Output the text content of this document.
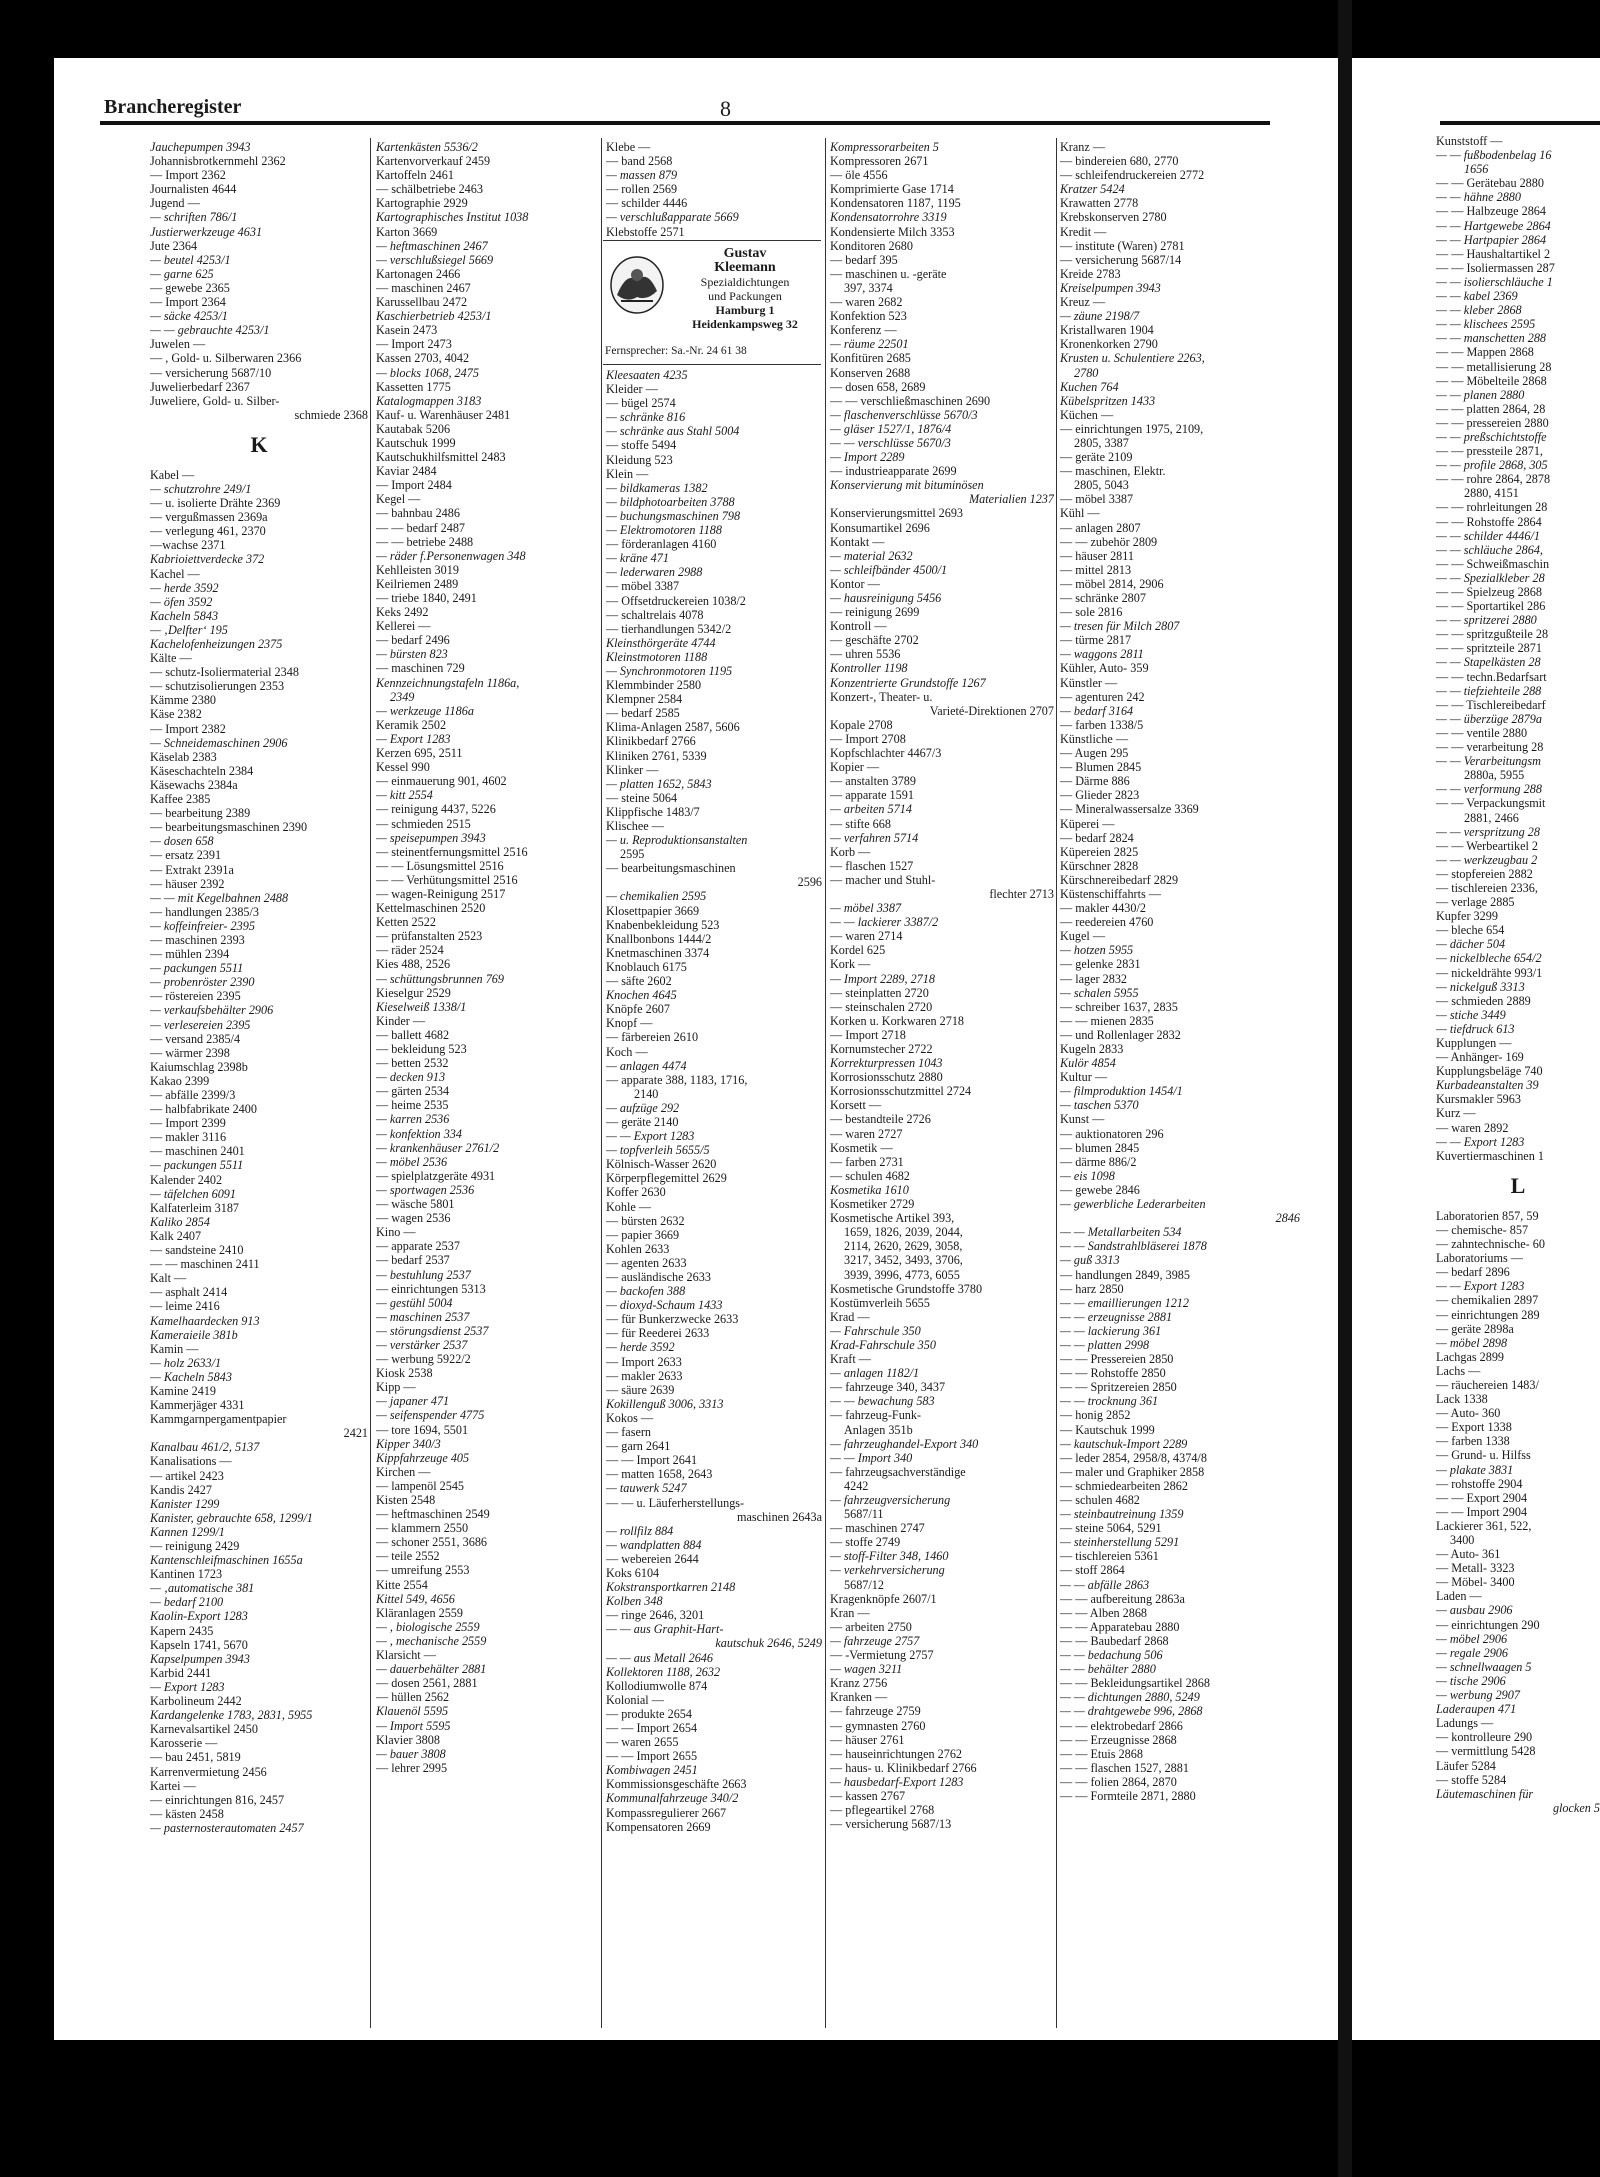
Brancheregister	8
Jauchepumpen 3943
Johannisbrotkernmehl 2362
— Import 2362
Journalisten 4644
Jugend —
— schriften 786/1
Justierwerkzeuge 4631
Jute 2364
— beutel 4253/1
— garne 625
— gewebe 2365
— Import 2364
— säcke 4253/1
— — gebrauchte 4253/1
Juwelen —
— , Gold- u. Silberwaren 2366
— versicherung 5687/10
Juwelierbedarf 2367
Juweliere, Gold- u. Silber-
schmiede 2368
K
Kabel —
— schutzrohre 249/1
— u. isolierte Drähte 2369
— vergußmassen 2369a
— verlegung 461, 2370
—wachse 2371
Kabrioiettverdecke 372
Kachel —
— herde 3592
— öfen 3592
Kacheln 5843
— ‚Delfter‘ 195
Kachelofenheizungen 2375
Kälte —
— schutz-Isoliermaterial 2348
— schutzisolierungen 2353
Kämme 2380
Käse 2382
— Import 2382
— Schneidemaschinen 2906
Käselab 2383
Käseschachteln 2384
Käsewachs 2384a
Kaffee 2385
— bearbeitung 2389
— bearbeitungsmaschinen 2390
— dosen 658
— ersatz 2391
— Extrakt 2391a
— häuser 2392
— — mit Kegelbahnen 2488
— handlungen 2385/3
— koffeinfreier- 2395
— maschinen 2393
— mühlen 2394
— packungen 5511
— probenröster 2390
— röstereien 2395
— verkaufsbehälter 2906
— verlesereien 2395
— versand 2385/4
— wärmer 2398
Kaiumschlag 2398b
Kakao 2399
— abfälle 2399/3
— halbfabrikate 2400
— Import 2399
— makler 3116
— maschinen 2401
— packungen 5511
Kalender 2402
— täfelchen 6091
Kalfaterleim 3187
Kaliko 2854
Kalk 2407
— sandsteine 2410
— — maschinen 2411
Kalt —
— asphalt 2414
— leime 2416
Kamelhaardecken 913
Kameraieile 381b
Kamin —
— holz 2633/1
— Kacheln 5843
Kamine 2419
Kammerjäger 4331
Kammgarnpergamentpapier
2421
Kanalbau 461/2, 5137
Kanalisations —
— artikel 2423
Kandis 2427
Kanister 1299
Kanister, gebrauchte 658, 1299/1
Kannen 1299/1
— reinigung 2429
Kantenschleifmaschinen 1655a
Kantinen 1723
— ‚automatische 381
— bedarf 2100
Kaolin-Export 1283
Kapern 2435
Kapseln 1741, 5670
Kapselpumpen 3943
Karbid 2441
— Export 1283
Karbolineum 2442
Kardangelenke 1783, 2831, 5955
Karnevalsartikel 2450
Karosserie —
— bau 2451, 5819
Karrenvermietung 2456
Kartei —
— einrichtungen 816, 2457
— kästen 2458
— pasternosterautomaten 2457
Kartenkästen 5536/2
Kartenvorverkauf 2459
Kartoffeln 2461
— schälbetriebe 2463
Kartographie 2929
Kartographisches Institut 1038
Karton 3669
— heftmaschinen 2467
— verschlußsiegel 5669
Kartonagen 2466
— maschinen 2467
Karussellbau 2472
Kaschierbetrieb 4253/1
Kasein 2473
— Import 2473
Kassen 2703, 4042
— blocks 1068, 2475
Kassetten 1775
Katalogmappen 3183
Kauf- u. Warenhäuser 2481
Kautabak 5206
Kautschuk 1999
Kautschukhilfsmittel 2483
Kaviar 2484
— Import 2484
Kegel —
— bahnbau 2486
— — bedarf 2487
— — betriebe 2488
— räder f.Personenwagen 348
Kehlleisten 3019
Keilriemen 2489
— triebe 1840, 2491
Keks 2492
Kellerei —
— bedarf 2496
— bürsten 823
— maschinen 729
Kennzeichnungstafeln 1186a,
2349
— werkzeuge 1186a
Keramik 2502
— Export 1283
Kerzen 695, 2511
Kessel 990
— einmauerung 901, 4602
— kitt 2554
— reinigung 4437, 5226
— schmieden 2515
— speisepumpen 3943
— steinentfernungsmittel 2516
— — Lösungsmittel 2516
— — Verhütungsmittel 2516
— wagen-Reinigung 2517
Kettelmaschinen 2520
Ketten 2522
— prüfanstalten 2523
— räder 2524
Kies 488, 2526
— schüttungsbrunnen 769
Kieselgur 2529
Kieselweiß 1338/1
Kinder —
— ballett 4682
— bekleidung 523
— betten 2532
— decken 913
— gärten 2534
— heime 2535
— karren 2536
— konfektion 334
— krankenhäuser 2761/2
— möbel 2536
— spielplatzgeräte 4931
— sportwagen 2536
— wäsche 5801
— wagen 2536
Kino —
— apparate 2537
— bedarf 2537
— bestuhlung 2537
— einrichtungen 5313
— gestühl 5004
— maschinen 2537
— störungsdienst 2537
— verstärker 2537
— werbung 5922/2
Kiosk 2538
Kipp —
— japaner 471
— seifenspender 4775
— tore 1694, 5501
Kipper 340/3
Kippfahrzeuge 405
Kirchen —
— lampenöl 2545
Kisten 2548
— heftmaschinen 2549
— klammern 2550
— schoner 2551, 3686
— teile 2552
— umreifung 2553
Kitte 2554
Kittel 549, 4656
Kläranlagen 2559
— , biologische 2559
— , mechanische 2559
Klarsicht —
— dauerbehälter 2881
— dosen 2561, 2881
— hüllen 2562
Klauenöl 5595
— Import 5595
Klavier 3808
— bauer 3808
— lehrer 2995
Klebe —
— band 2568
— massen 879
— rollen 2569
— schilder 4446
— verschlußapparate 5669
Klebstoffe 2571
Gustav
Kleemann
Spezialdichtungen
und Packungen
Hamburg 1
Heidenkampsweg 32
Fernsprecher: Sa.-Nr. 24 61 38
Kleesaaten 4235
Kleider —
— bügel 2574
— schränke 816
— schränke aus Stahl 5004
— stoffe 5494
Kleidung 523
Klein —
— bildkameras 1382
— bildphotoarbeiten 3788
— buchungsmaschinen 798
— Elektromotoren 1188
— förderanlagen 4160
— kräne 471
— lederwaren 2988
— möbel 3387
— Offsetdruckereien 1038/2
— schaltrelais 4078
— tierhandlungen 5342/2
Kleinsthörgeräte 4744
Kleinstmotoren 1188
— Synchronmotoren 1195
Klemmbinder 2580
Klempner 2584
— bedarf 2585
Klima-Anlagen 2587, 5606
Klinikbedarf 2766
Kliniken 2761, 5339
Klinker —
— platten 1652, 5843
— steine 5064
Klippfische 1483/7
Klischee —
— u. Reproduktionsanstalten
2595
— bearbeitungsmaschinen
2596
— chemikalien 2595
Klosettpapier 3669
Knabenbekleidung 523
Knallbonbons 1444/2
Knetmaschinen 3374
Knoblauch 6175
— säfte 2602
Knochen 4645
Knöpfe 2607
Knopf —
— färbereien 2610
Koch —
— anlagen 4474
— apparate 388, 1183, 1716,
2140
— aufzüge 292
— geräte 2140
— — Export 1283
— topfverleih 5655/5
Kölnisch-Wasser 2620
Körperpflegemittel 2629
Koffer 2630
Kohle —
— bürsten 2632
— papier 3669
Kohlen 2633
— agenten 2633
— ausländische 2633
— backofen 388
— dioxyd-Schaum 1433
— für Bunkerzwecke 2633
— für Reederei 2633
— herde 3592
— Import 2633
— makler 2633
— säure 2639
Kokillenguß 3006, 3313
Kokos —
— fasern
— garn 2641
— — Import 2641
— matten 1658, 2643
— tauwerk 5247
— — u. Läuferherstellungs-
maschinen 2643a
— rollfilz 884
— wandplatten 884
— webereien 2644
Koks 6104
Kokstransportkarren 2148
Kolben 348
— ringe 2646, 3201
— — aus Graphit-Hart-
kautschuk 2646, 5249
— — aus Metall 2646
Kollektoren 1188, 2632
Kollodiumwolle 874
Kolonial —
— produkte 2654
— — Import 2654
— waren 2655
— — Import 2655
Kombiwagen 2451
Kommissionsgeschäfte 2663
Kommunalfahrzeuge 340/2
Kompassregulierer 2667
Kompensatoren 2669
Kompressorarbeiten 5
Kompressoren 2671
— öle 4556
Komprimierte Gase 1714
Kondensatoren 1187, 1195
Kondensatorrohre 3319
Kondensierte Milch 3353
Konditoren 2680
— bedarf 395
— maschinen u. -geräte
397, 3374
— waren 2682
Konfektion 523
Konferenz —
— räume 22501
Konfitüren 2685
Konserven 2688
— dosen 658, 2689
— — verschließmaschinen 2690
— flaschenverschlüsse 5670/3
— gläser 1527/1, 1876/4
— — verschlüsse 5670/3
— Import 2289
— industrieapparate 2699
Konservierung mit bituminösen
Materialien 1237
Konservierungsmittel 2693
Konsumartikel 2696
Kontakt —
— material 2632
— schleifbänder 4500/1
Kontor —
— hausreinigung 5456
— reinigung 2699
Kontroll —
— geschäfte 2702
— uhren 5536
Kontroller 1198
Konzentrierte Grundstoffe 1267
Konzert-, Theater- u.
Varieté-Direktionen 2707
Kopale 2708
— Import 2708
Kopfschlachter 4467/3
Kopier —
— anstalten 3789
— apparate 1591
— arbeiten 5714
— stifte 668
— verfahren 5714
Korb —
— flaschen 1527
— macher und Stuhl-
flechter 2713
— möbel 3387
— — lackierer 3387/2
— waren 2714
Kordel 625
Kork —
— Import 2289, 2718
— steinplatten 2720
— steinschalen 2720
Korken u. Korkwaren 2718
— Import 2718
Kornumstecher 2722
Korrekturpressen 1043
Korrosionsschutz 2880
Korrosionsschutzmittel 2724
Korsett —
— bestandteile 2726
— waren 2727
Kosmetik —
— farben 2731
— schulen 4682
Kosmetika 1610
Kosmetiker 2729
Kosmetische Artikel 393,
1659, 1826, 2039, 2044,
2114, 2620, 2629, 3058,
3217, 3452, 3493, 3706,
3939, 3996, 4773, 6055
Kosmetische Grundstoffe 3780
Kostümverleih 5655
Krad —
— Fahrschule 350
Krad-Fahrschule 350
Kraft —
— anlagen 1182/1
— fahrzeuge 340, 3437
— — bewachung 583
— fahrzeug-Funk-
Anlagen 351b
— fahrzeughandel-Export 340
— — Import 340
— fahrzeugsachverständige
4242
— fahrzeugversicherung
5687/11
— maschinen 2747
— stoffe 2749
— stoff-Filter 348, 1460
— verkehrversicherung
5687/12
Kragenknöpfe 2607/1
Kran —
— arbeiten 2750
— fahrzeuge 2757
— -Vermietung 2757
— wagen 3211
Kranz 2756
Kranken —
— fahrzeuge 2759
— gymnasten 2760
— häuser 2761
— hauseinrichtungen 2762
— haus- u. Klinikbedarf 2766
— hausbedarf-Export 1283
— kassen 2767
— pflegeartikel 2768
— versicherung 5687/13
Kranz —
— bindereien 680, 2770
— schleifendruckereien 2772
Kratzer 5424
Krawatten 2778
Krebskonserven 2780
Kredit —
— institute (Waren) 2781
— versicherung 5687/14
Kreide 2783
Kreiselpumpen 3943
Kreuz —
— zäune 2198/7
Kristallwaren 1904
Kronenkorken 2790
Krusten u. Schulentiere 2263,
2780
Kuchen 764
Kübelspritzen 1433
Küchen —
— einrichtungen 1975, 2109,
2805, 3387
— geräte 2109
— maschinen, Elektr.
2805, 5043
— möbel 3387
Kühl —
— anlagen 2807
— — zubehör 2809
— häuser 2811
— mittel 2813
— möbel 2814, 2906
— schränke 2807
— sole 2816
— tresen für Milch 2807
— türme 2817
— waggons 2811
Kühler, Auto- 359
Künstler —
— agenturen 242
— bedarf 3164
— farben 1338/5
Künstliche —
— Augen 295
— Blumen 2845
— Därme 886
— Glieder 2823
— Mineralwassersalze 3369
Küperei —
— bedarf 2824
Küpereien 2825
Kürschner 2828
Kürschnereibedarf 2829
Küstenschiffahrts —
— makler 4430/2
— reedereien 4760
Kugel —
— hotzen 5955
— gelenke 2831
— lager 2832
— schalen 5955
— schreiber 1637, 2835
— — mienen 2835
— und Rollenlager 2832
Kugeln 2833
Kulör 4854
Kultur —
— filmproduktion 1454/1
— taschen 5370
Kunst —
— auktionatoren 296
— blumen 2845
— därme 886/2
— eis 1098
— gewebe 2846
— gewerbliche Lederarbeiten
2846
— — Metallarbeiten 534
— — Sandstrahlbläserei 1878
— guß 3313
— handlungen 2849, 3985
— harz 2850
— — emaillierungen 1212
— — erzeugnisse 2881
— — lackierung 361
— — platten 2998
— — Pressereien 2850
— — Rohstoffe 2850
— — Spritzereien 2850
— — trocknung 361
— honig 2852
— Kautschuk 1999
— kautschuk-Import 2289
— leder 2854, 2958/8, 4374/8
— maler und Graphiker 2858
— schmiedearbeiten 2862
— schulen 4682
— steinbautreinung 1359
— steine 5064, 5291
— steinherstellung 5291
— tischlereien 5361
— stoff 2864
— — abfälle 2863
— — aufbereitung 2863a
— — Alben 2868
— — Apparatebau 2880
— — Baubedarf 2868
— — bedachung 506
— — behälter 2880
— — Bekleidungsartikel 2868
— — dichtungen 2880, 5249
— — drahtgewebe 996, 2868
— — elektrobedarf 2866
— — Erzeugnisse 2868
— — Etuis 2868
— — flaschen 1527, 2881
— — folien 2864, 2870
— — Formteile 2871, 2880
Kunststoff —
— — fußbodenbelag 16
1656
— — Gerätebau 2880
— — hähne 2880
— — Halbzeuge 2864
— — Hartgewebe 2864
— — Hartpapier 2864
— — Haushaltartikel 2
— — Isoliermassen 287
— — isolierschläuche 1
— — kabel 2369
— — kleber 2868
— — klischees 2595
— — manschetten 288
— — Mappen 2868
— — metallisierung 28
— — Möbelteile 2868
— — planen 2880
— — platten 2864, 28
— — pressereien 2880
— — preßschichtstoffe
— — pressteile 2871,
— — profile 2868, 305
— — rohre 2864, 2878
2880, 4151
— — rohrleitungen 28
— — Rohstoffe 2864
— — schilder 4446/1
— — schläuche 2864,
— — Schweißmaschin
— — Spezialkleber 28
— — Spielzeug 2868
— — Sportartikel 286
— — spritzerei 2880
— — spritzgußteile 28
— — spritzteile 2871
— — Stapelkästen 28
— — techn.Bedarfsart
— — tiefziehteile 288
— — Tischlereibedarf
— — überzüge 2879a
— — ventile 2880
— — verarbeitung 28
— — Verarbeitungsm
2880a, 5955
— — verformung 288
— — Verpackungsmit
2881, 2466
— — verspritzung 28
— — Werbeartikel 2
— — werkzeugbau 2
— stopfereien 2882
— tischlereien 2336,
— verlage 2885
Kupfer 3299
— bleche 654
— dächer 504
— nickelbleche 654/2
— nickeldrähte 993/1
— nickelguß 3313
— schmieden 2889
— stiche 3449
— tiefdruck 613
Kupplungen —
— Anhänger- 169
Kupplungsbeläge 740
Kurbadeanstalten 39
Kursmakler 5963
Kurz —
— waren 2892
— — Export 1283
Kuvertiermaschinen 1
L
Laboratorien 857, 59
— chemische- 857
— zahntechnische- 60
Laboratoriums —
— bedarf 2896
— — Export 1283
— chemikalien 2897
— einrichtungen 289
— geräte 2898a
— möbel 2898
Lachgas 2899
Lachs —
— räuchereien 1483/
Lack 1338
— Auto- 360
— Export 1338
— farben 1338
— Grund- u. Hilfss
— plakate 3831
— rohstoffe 2904
— — Export 2904
— — Import 2904
Lackierer 361, 522,
3400
— Auto- 361
— Metall- 3323
— Möbel- 3400
Laden —
— ausbau 2906
— einrichtungen 290
— möbel 2906
— regale 2906
— schnellwaagen 5
— tische 2906
— werbung 2907
Laderaupen 471
Ladungs —
— kontrolleure 290
— vermittlung 5428
Läufer 5284
— stoffe 5284
Läutemaschinen für
glocken 5
